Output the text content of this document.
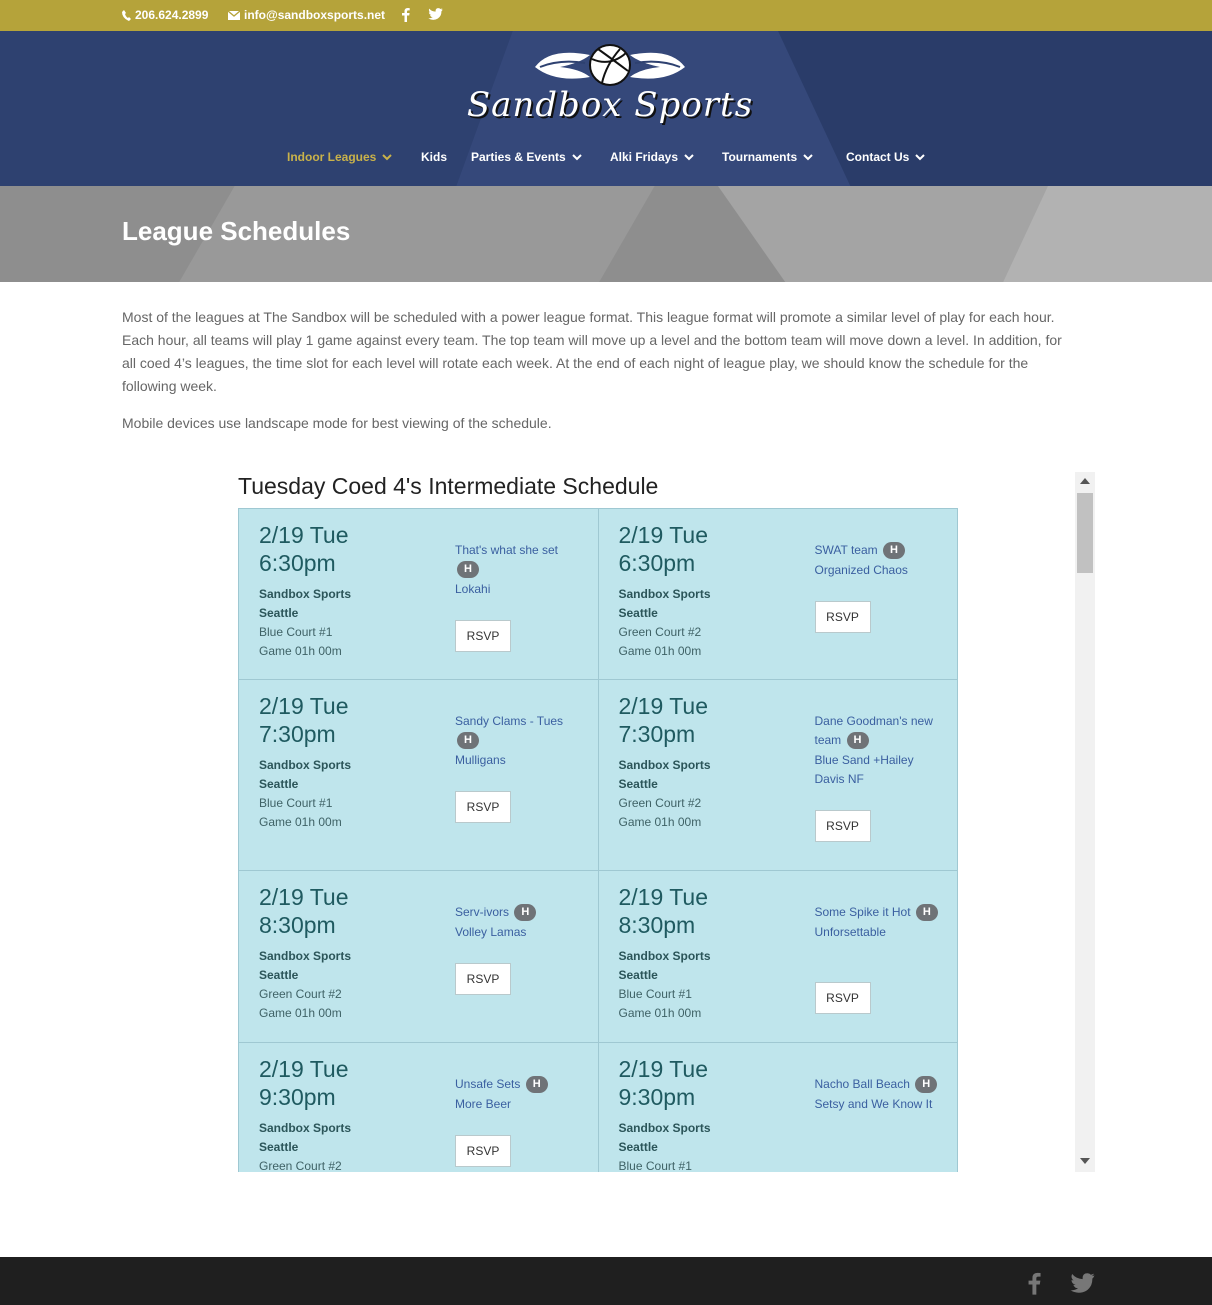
206.624.2899	info@sandboxsports.net
Sandbox Sports
Indoor Leagues	Kids Parties & Events	Alki Fridays	Tournaments	Contact Us
League Schedules

Most of the leagues at The Sandbox will be scheduled with a power league format. This league format will promote a similar level of play for each hour. Each hour, all teams will play 1 game against every team. The top team will move up a level and the bottom team will move down a level. In addition, for all coed 4’s leagues, the time slot for each level will rotate each week. At the end of each night of league play, we should know the schedule for the following week.

Mobile devices use landscape mode for best viewing of the schedule.

Tuesday Coed 4's Intermediate Schedule
2/19 Tue
6:30pm
Sandbox Sports
Seattle
Blue Court #1
Game 01h 00m
That's what she set H
Lokahi
RSVP
2/19 Tue
6:30pm
Sandbox Sports
Seattle
Green Court #2
Game 01h 00m
SWAT team H
Organized Chaos
RSVP
2/19 Tue
7:30pm
Sandbox Sports
Seattle
Blue Court #1
Game 01h 00m
Sandy Clams - Tues H
Mulligans
RSVP
2/19 Tue
7:30pm
Sandbox Sports
Seattle
Green Court #2
Game 01h 00m
Dane Goodman's new team H
Blue Sand +Hailey Davis NF
RSVP
2/19 Tue
8:30pm
Sandbox Sports
Seattle
Green Court #2
Game 01h 00m
Serv-ivors H
Volley Lamas
RSVP
2/19 Tue
8:30pm
Sandbox Sports
Seattle
Blue Court #1
Game 01h 00m
Some Spike it Hot H
Unforsettable
RSVP
2/19 Tue
9:30pm
Sandbox Sports
Seattle
Green Court #2
Unsafe Sets H
More Beer
RSVP
2/19 Tue
9:30pm
Sandbox Sports
Seattle
Blue Court #1
Nacho Ball Beach H
Setsy and We Know It
